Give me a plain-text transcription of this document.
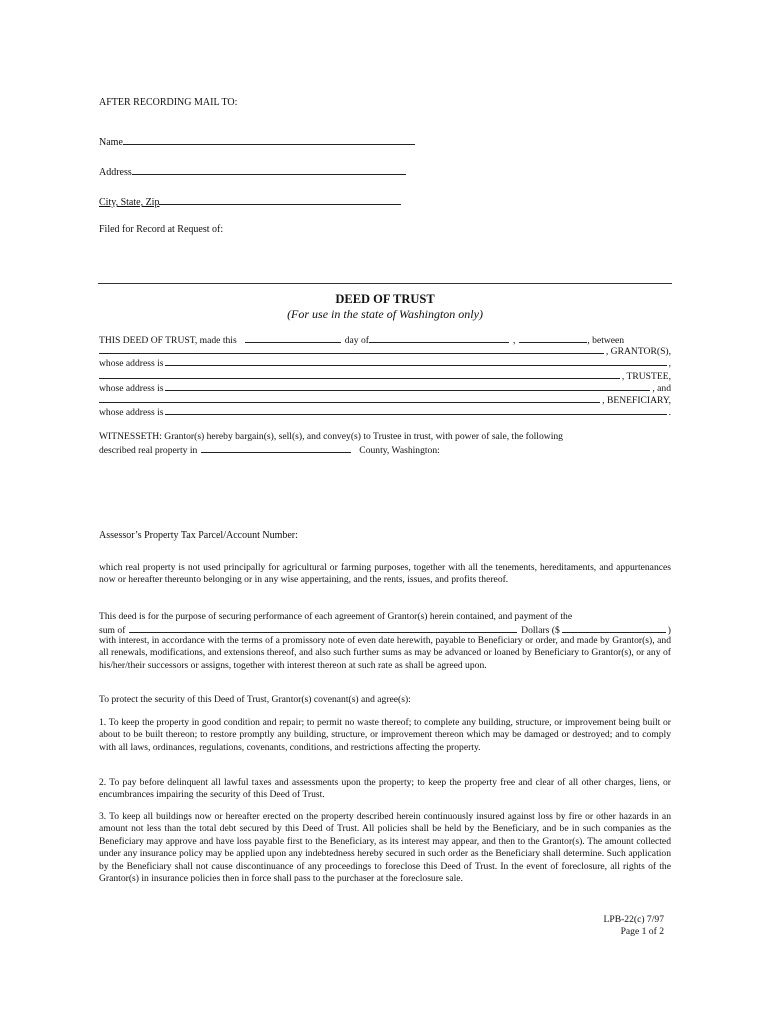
AFTER RECORDING MAIL TO:
Name
Address
City, State, Zip
Filed for Record at Request of:
DEED OF TRUST
(For use in the state of Washington only)
THIS DEED OF TRUST, made this	day of	,	, between
, GRANTOR(S),
whose address is	,
, TRUSTEE,
whose address is	, and
, BENEFICIARY,
whose address is	.
WITNESSETH: Grantor(s) hereby bargain(s), sell(s), and convey(s) to Trustee in trust, with power of sale, the following
described real property in	County, Washington:
Assessor’s Property Tax Parcel/Account Number:
which real property is not used principally for agricultural or farming purposes, together with all the tenements, hereditaments, and appurtenances now or hereafter thereunto belonging or in any wise appertaining, and the rents, issues, and profits thereof.
This deed is for the purpose of securing performance of each agreement of Grantor(s) herein contained, and payment of the
sum of	Dollars ($	)
with interest, in accordance with the terms of a promissory note of even date herewith, payable to Beneficiary or order, and made by Grantor(s), and all renewals, modifications, and extensions thereof, and also such further sums as may be advanced or loaned by Beneficiary to Grantor(s), or any of his/her/their successors or assigns, together with interest thereon at such rate as shall be agreed upon.
To protect the security of this Deed of Trust, Grantor(s) covenant(s) and agree(s):
1. To keep the property in good condition and repair; to permit no waste thereof; to complete any building, structure, or improvement being built or about to be built thereon; to restore promptly any building, structure, or improvement thereon which may be damaged or destroyed; and to comply with all laws, ordinances, regulations, covenants, conditions, and restrictions affecting the property.
2. To pay before delinquent all lawful taxes and assessments upon the property; to keep the property free and clear of all other charges, liens, or encumbrances impairing the security of this Deed of Trust.
3. To keep all buildings now or hereafter erected on the property described herein continuously insured against loss by fire or other hazards in an amount not less than the total debt secured by this Deed of Trust. All policies shall be held by the Beneficiary, and be in such companies as the Beneficiary may approve and have loss payable first to the Beneficiary, as its interest may appear, and then to the Grantor(s). The amount collected under any insurance policy may be applied upon any indebtedness hereby secured in such order as the Beneficiary shall determine. Such application by the Beneficiary shall not cause discontinuance of any proceedings to foreclose this Deed of Trust. In the event of foreclosure, all rights of the Grantor(s) in insurance policies then in force shall pass to the purchaser at the foreclosure sale.
LPB-22(c) 7/97
Page 1 of 2
